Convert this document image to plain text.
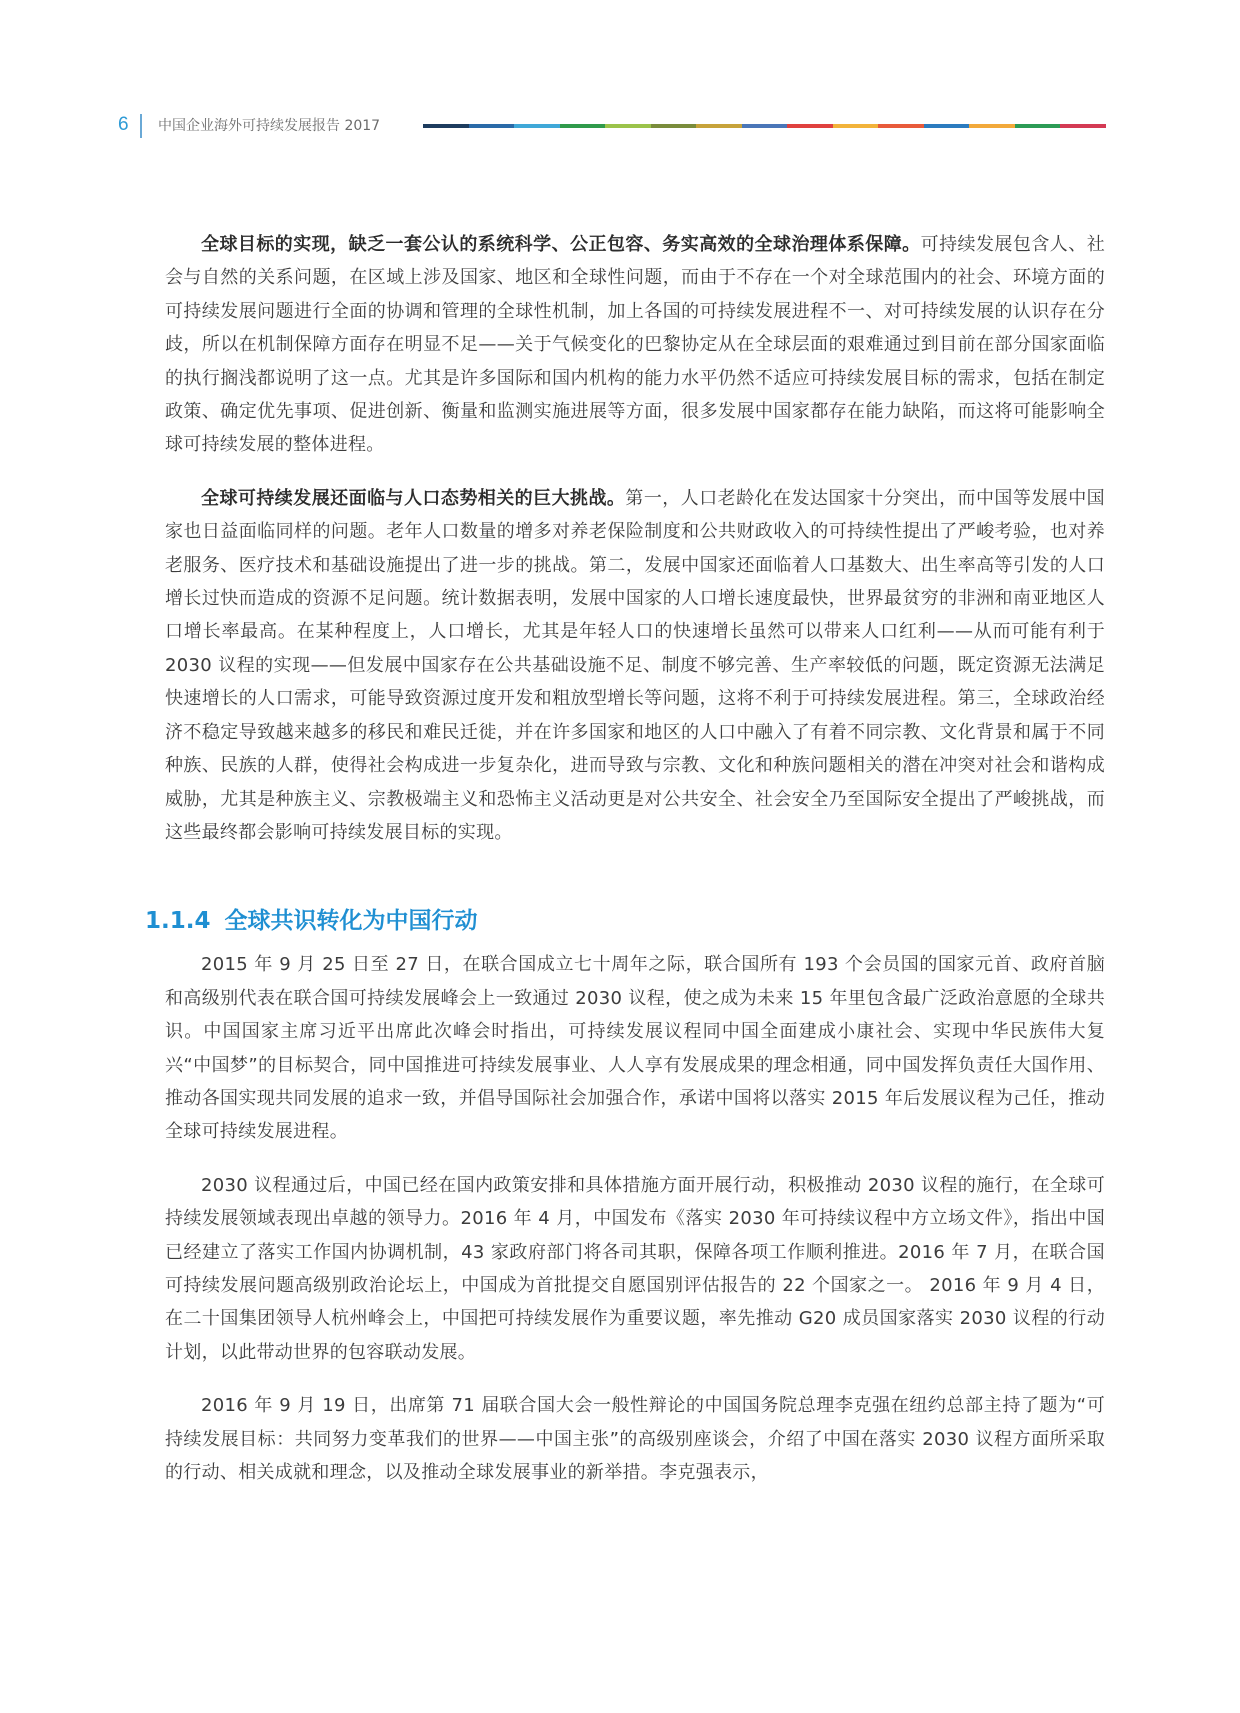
6 中国企业海外可持续发展报告 2017

全球目标的实现，缺乏一套公认的系统科学、公正包容、务实高效的全球治理体系保障。可持续发展包含人、社会与自然的关系问题，在区域上涉及国家、地区和全球性问题，而由于不存在一个对全球范围内的社会、环境方面的可持续发展问题进行全面的协调和管理的全球性机制，加上各国的可持续发展进程不一、对可持续发展的认识存在分歧，所以在机制保障方面存在明显不足——关于气候变化的巴黎协定从在全球层面的艰难通过到目前在部分国家面临的执行搁浅都说明了这一点。尤其是许多国际和国内机构的能力水平仍然不适应可持续发展目标的需求，包括在制定政策、确定优先事项、促进创新、衡量和监测实施进展等方面，很多发展中国家都存在能力缺陷，而这将可能影响全球可持续发展的整体进程。

全球可持续发展还面临与人口态势相关的巨大挑战。第一，人口老龄化在发达国家十分突出，而中国等发展中国家也日益面临同样的问题。老年人口数量的增多对养老保险制度和公共财政收入的可持续性提出了严峻考验，也对养老服务、医疗技术和基础设施提出了进一步的挑战。第二，发展中国家还面临着人口基数大、出生率高等引发的人口增长过快而造成的资源不足问题。统计数据表明，发展中国家的人口增长速度最快，世界最贫穷的非洲和南亚地区人口增长率最高。在某种程度上，人口增长，尤其是年轻人口的快速增长虽然可以带来人口红利——从而可能有利于 2030 议程的实现——但发展中国家存在公共基础设施不足、制度不够完善、生产率较低的问题，既定资源无法满足快速增长的人口需求，可能导致资源过度开发和粗放型增长等问题，这将不利于可持续发展进程。第三，全球政治经济不稳定导致越来越多的移民和难民迁徙，并在许多国家和地区的人口中融入了有着不同宗教、文化背景和属于不同种族、民族的人群，使得社会构成进一步复杂化，进而导致与宗教、文化和种族问题相关的潜在冲突对社会和谐构成威胁，尤其是种族主义、宗教极端主义和恐怖主义活动更是对公共安全、社会安全乃至国际安全提出了严峻挑战，而这些最终都会影响可持续发展目标的实现。

1.1.4 全球共识转化为中国行动

2015 年 9 月 25 日至 27 日，在联合国成立七十周年之际，联合国所有 193 个会员国的国家元首、政府首脑和高级别代表在联合国可持续发展峰会上一致通过 2030 议程，使之成为未来 15 年里包含最广泛政治意愿的全球共识。中国国家主席习近平出席此次峰会时指出，可持续发展议程同中国全面建成小康社会、实现中华民族伟大复兴“中国梦”的目标契合，同中国推进可持续发展事业、人人享有发展成果的理念相通，同中国发挥负责任大国作用、推动各国实现共同发展的追求一致，并倡导国际社会加强合作，承诺中国将以落实 2015 年后发展议程为己任，推动全球可持续发展进程。

2030 议程通过后，中国已经在国内政策安排和具体措施方面开展行动，积极推动 2030 议程的施行，在全球可持续发展领域表现出卓越的领导力。2016 年 4 月，中国发布《落实 2030 年可持续议程中方立场文件》，指出中国已经建立了落实工作国内协调机制，43 家政府部门将各司其职，保障各项工作顺利推进。2016 年 7 月，在联合国可持续发展问题高级别政治论坛上，中国成为首批提交自愿国别评估报告的 22 个国家之一。 2016 年 9 月 4 日，在二十国集团领导人杭州峰会上，中国把可持续发展作为重要议题，率先推动 G20 成员国家落实 2030 议程的行动计划，以此带动世界的包容联动发展。

2016 年 9 月 19 日，出席第 71 届联合国大会一般性辩论的中国国务院总理李克强在纽约总部主持了题为“可持续发展目标：共同努力变革我们的世界——中国主张”的高级别座谈会，介绍了中国在落实 2030 议程方面所采取的行动、相关成就和理念，以及推动全球发展事业的新举措。李克强表示，
